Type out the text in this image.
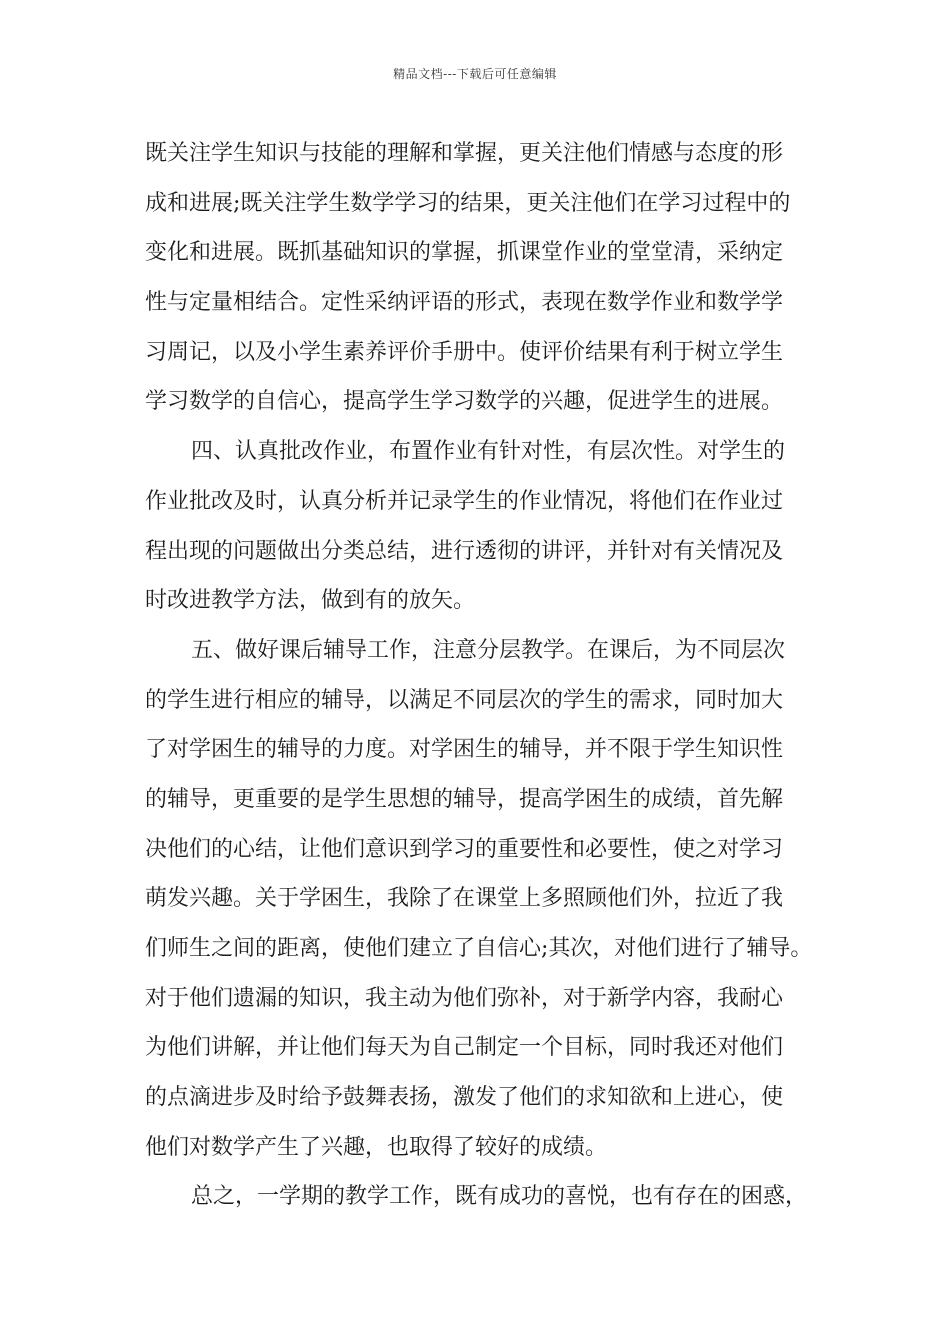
精品文档---下载后可任意编辑
既关注学生知识与技能的理解和掌握，更关注他们情感与态度的形
成和进展;既关注学生数学学习的结果，更关注他们在学习过程中的
变化和进展。既抓基础知识的掌握，抓课堂作业的堂堂清，采纳定
性与定量相结合。定性采纳评语的形式，表现在数学作业和数学学
习周记，以及小学生素养评价手册中。使评价结果有利于树立学生
学习数学的自信心，提高学生学习数学的兴趣，促进学生的进展。
四、认真批改作业，布置作业有针对性，有层次性。对学生的
作业批改及时，认真分析并记录学生的作业情况，将他们在作业过
程出现的问题做出分类总结，进行透彻的讲评，并针对有关情况及
时改进教学方法，做到有的放矢。
五、做好课后辅导工作，注意分层教学。在课后，为不同层次
的学生进行相应的辅导，以满足不同层次的学生的需求，同时加大
了对学困生的辅导的力度。对学困生的辅导，并不限于学生知识性
的辅导，更重要的是学生思想的辅导，提高学困生的成绩，首先解
决他们的心结，让他们意识到学习的重要性和必要性，使之对学习
萌发兴趣。关于学困生，我除了在课堂上多照顾他们外，拉近了我
们师生之间的距离，使他们建立了自信心;其次，对他们进行了辅导。
对于他们遗漏的知识，我主动为他们弥补，对于新学内容，我耐心
为他们讲解，并让他们每天为自己制定一个目标，同时我还对他们
的点滴进步及时给予鼓舞表扬，激发了他们的求知欲和上进心，使
他们对数学产生了兴趣，也取得了较好的成绩。
总之，一学期的教学工作，既有成功的喜悦，也有存在的困惑，
